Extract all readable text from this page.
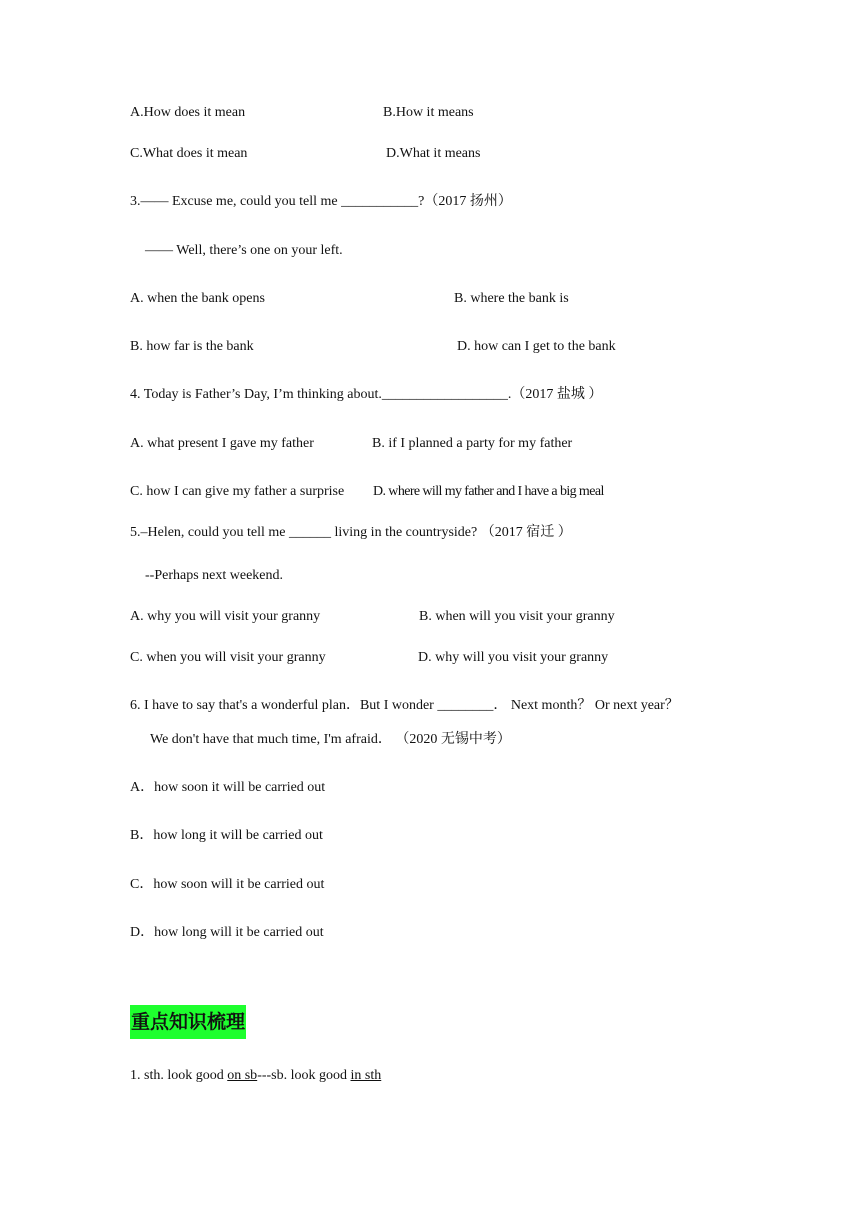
A.How does it mean	B.How it means
C.What does it mean	D.What it means
3.—— Excuse me, could you tell me ___________?（2017 扬州）
—— Well, there’s one on your left.
A. when the bank opens	B. where the bank is
B. how far is the bank	D. how can I get to the bank
4. Today is Father’s Day, I’m thinking about.__________________.（2017 盐城 ）
A. what present I gave my father	B. if I planned a party for my father
C. how I can give my father a surprise D. where will my father and I have a big meal
5.–Helen, could you tell me ______ living in the countryside? （2017 宿迁 ）
--Perhaps next weekend.
A. why you will visit your granny	B. when will you visit your granny
C. when you will visit your granny	D. why will you visit your granny
6. I have to say that's a wonderful plan．But I wonder ________． Next month？ Or next year？
We don't have that much time, I'm afraid． （2020 无锡中考）
A．how soon it will be carried out
B．how long it will be carried out
C．how soon will it be carried out
D．how long will it be carried out
重点知识梳理
1. sth. look good on sb---sb. look good in sth
